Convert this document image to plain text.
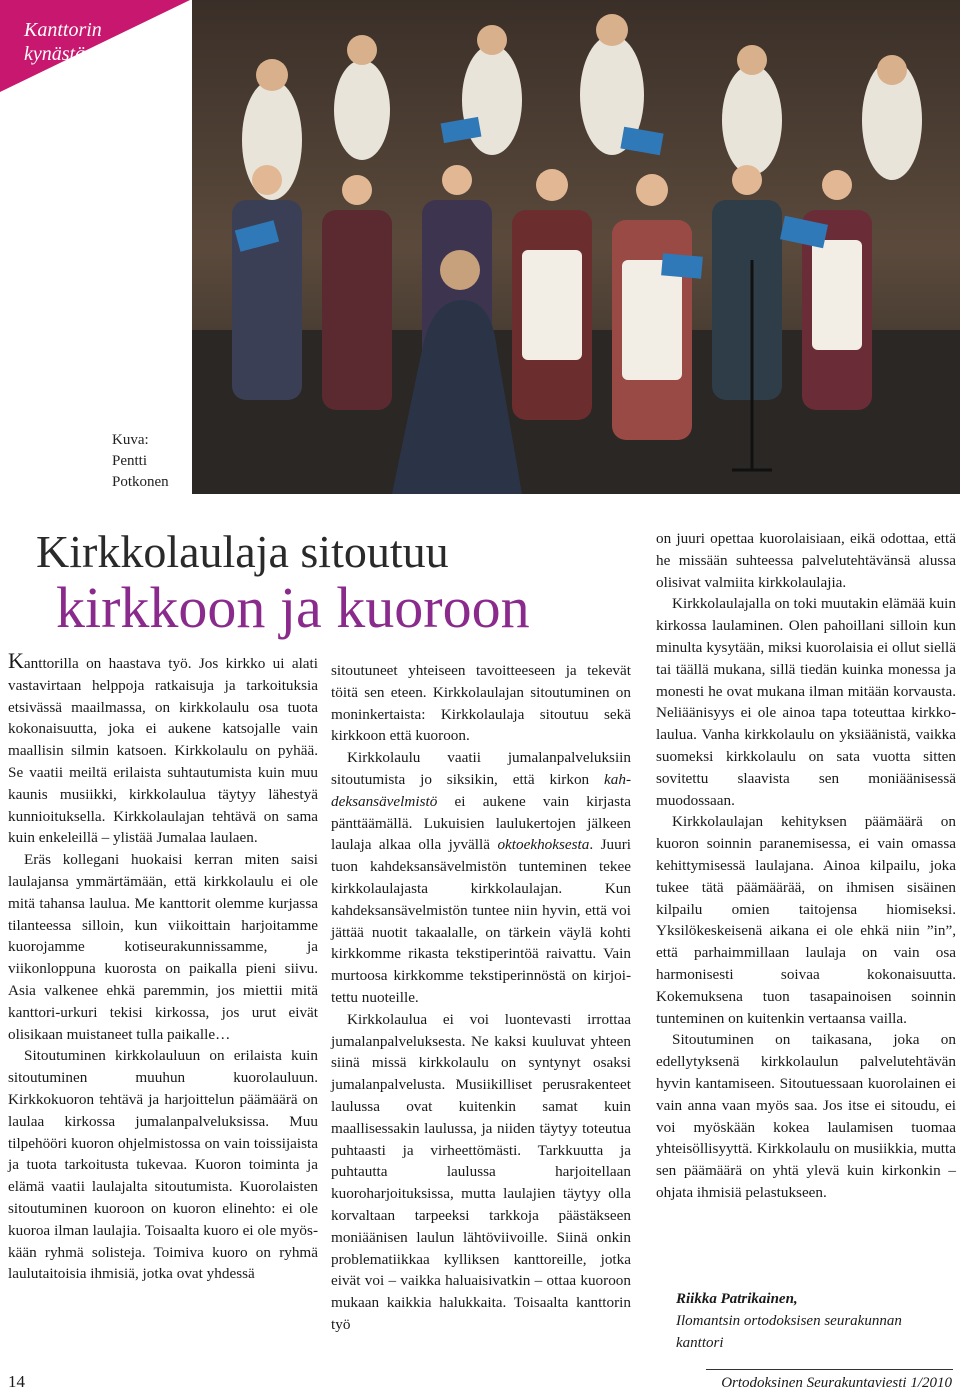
Kanttorin
kynästä
Kuva:
Pentti
Potkonen
Kirkkolaulaja sitoutuu
kirkkoon ja kuoroon

Kanttorilla on haastava työ. Jos kirkko ui alati vastavirtaan helppoja ratkaisuja ja tarkoituksia etsivässä maailmassa, on kirkkolaulu osa tuota kokonaisuutta, joka ei aukene katsojalle vain maallisin silmin katsoen. Kirkkolaulu on pyhää. Se vaatii meiltä erilaista suhtautumista kuin muu kaunis musiikki, kirkkolaulua täytyy lähestyä kunnioituksella. Kirkkolaulajan tehtävä on sama kuin enkeleillä – ylistää Jumalaa laulaen.

Eräs kollegani huokaisi kerran miten saisi laulajansa ymmärtämään, että kirkkolaulu ei ole mitä tahansa laulua. Me kanttorit olemme kurjassa tilanteessa silloin, kun viikoittain harjoitamme kuorojamme kotiseurakunnissamme, ja viikonloppuna kuorosta on paikalla pieni siivu. Asia valkenee ehkä paremmin, jos miettii mitä kanttori-urkuri tekisi kirkossa, jos urut eivät olisikaan muistaneet tulla paikalle…

Sitoutuminen kirkkolauluun on erilaista kuin sitoutuminen muuhun kuorolauluun. Kirkkokuoron tehtävä ja harjoittelun päämäärä on laulaa kirkossa jumalanpalveluksissa. Muu tilpehööri kuoron ohjelmistossa on vain toissijaista ja tuota tarkoitusta tukevaa. Kuoron toiminta ja elämä vaatii laulajalta sitoutumista. Kuorolaisten sitoutuminen kuoroon on kuoron elinehto: ei ole kuoroa ilman laulajia. Toisaalta kuoro ei ole myöskään ryhmä solisteja. Toimiva kuoro on ryhmä laulutaitoisia ihmisiä, jotka ovat yhdessä

sitoutuneet yhteiseen tavoitteeseen ja tekevät töitä sen eteen. Kirkkolaulajan sitoutuminen on moninkertaista: Kirkkolaulaja sitoutuu sekä kirkkoon että kuoroon.

Kirkkolaulu vaatii jumalanpalveluksiin sitoutumista jo siksikin, että kirkon kahdeksansävelmistö ei aukene vain kirjasta pänttäämällä. Lukuisien laulukertojen jälkeen laulaja alkaa olla jyvällä oktoekhoksesta. Juuri tuon kahdeksansävelmistön tunteminen tekee kirkkolaulajasta kirkkolaulajan. Kun kahdeksansävelmistön tuntee niin hyvin, että voi jättää nuotit takaalalle, on tärkein väylä kohti kirkkomme rikasta tekstiperintöä raivattu. Vain murtoosa kirkkomme tekstiperinnöstä on kirjoitettu nuoteille.

Kirkkolaulua ei voi luontevasti irrottaa jumalanpalveluksesta. Ne kaksi kuuluvat yhteen siinä missä kirkkolaulu on syntynyt osaksi jumalanpalvelusta. Musiikilliset perusrakenteet laulussa ovat kuitenkin samat kuin maallisessakin laulussa, ja niiden täytyy toteutua puhtaasti ja virheettömästi. Tarkkuutta ja puhtautta laulussa harjoitellaan kuoroharjoituksissa, mutta laulajien täytyy olla korvaltaan tarpeeksi tarkkoja päästäkseen moniäänisen laulun lähtöviivoille. Siinä onkin problematiikkaa kylliksen kanttoreille, jotka eivät voi – vaikka haluaisivatkin – ottaa kuoroon mukaan kaikkia halukkaita. Toisaalta kanttorin työ

on juuri opettaa kuorolaisiaan, eikä odottaa, että he missään suhteessa palvelutehtävänsä alussa olisivat valmiita kirkkolaulajia.

Kirkkolaulajalla on toki muutakin elämää kuin kirkossa laulaminen. Olen pahoillani silloin kun minulta kysytään, miksi kuorolaisia ei ollut siellä tai täällä mukana, sillä tiedän kuinka monessa ja monesti he ovat mukana ilman mitään korvausta. Neliäänisyys ei ole ainoa tapa toteuttaa kirkkolaulua. Vanha kirkkolaulu on yksiäänistä, vaikka suomeksi kirkkolaulu on sata vuotta sitten sovitettu slaavista sen moniäänisessä muodossaan.

Kirkkolaulajan kehityksen päämäärä on kuoron soinnin paranemisessa, ei vain omassa kehittymisessä laulajana. Ainoa kilpailu, joka tukee tätä päämäärää, on ihmisen sisäinen kilpailu omien taitojensa hiomiseksi. Yksilökeskeisenä aikana ei ole ehkä niin ”in”, että parhaimmillaan laulaja on vain osa harmonisesti soivaa kokonaisuutta. Kokemuksena tuon tasapainoisen soinnin tunteminen on kuitenkin vertaansa vailla.

Sitoutuminen on taikasana, joka on edellytyksenä kirkkolaulun palvelutehtävän hyvin kantamiseen. Sitoutuessaan kuorolainen ei vain anna vaan myös saa. Jos itse ei sitoudu, ei voi myöskään kokea laulamisen tuomaa yhteisöllisyyttä. Kirkkolaulu on musiikkia, mutta sen päämäärä on yhtä ylevä kuin kirkonkin – ohjata ihmisiä pelastukseen.

Riikka Patrikainen,
Ilomantsin ortodoksisen seurakunnan
kanttori
14	Ortodoksinen Seurakuntaviesti 1/2010
